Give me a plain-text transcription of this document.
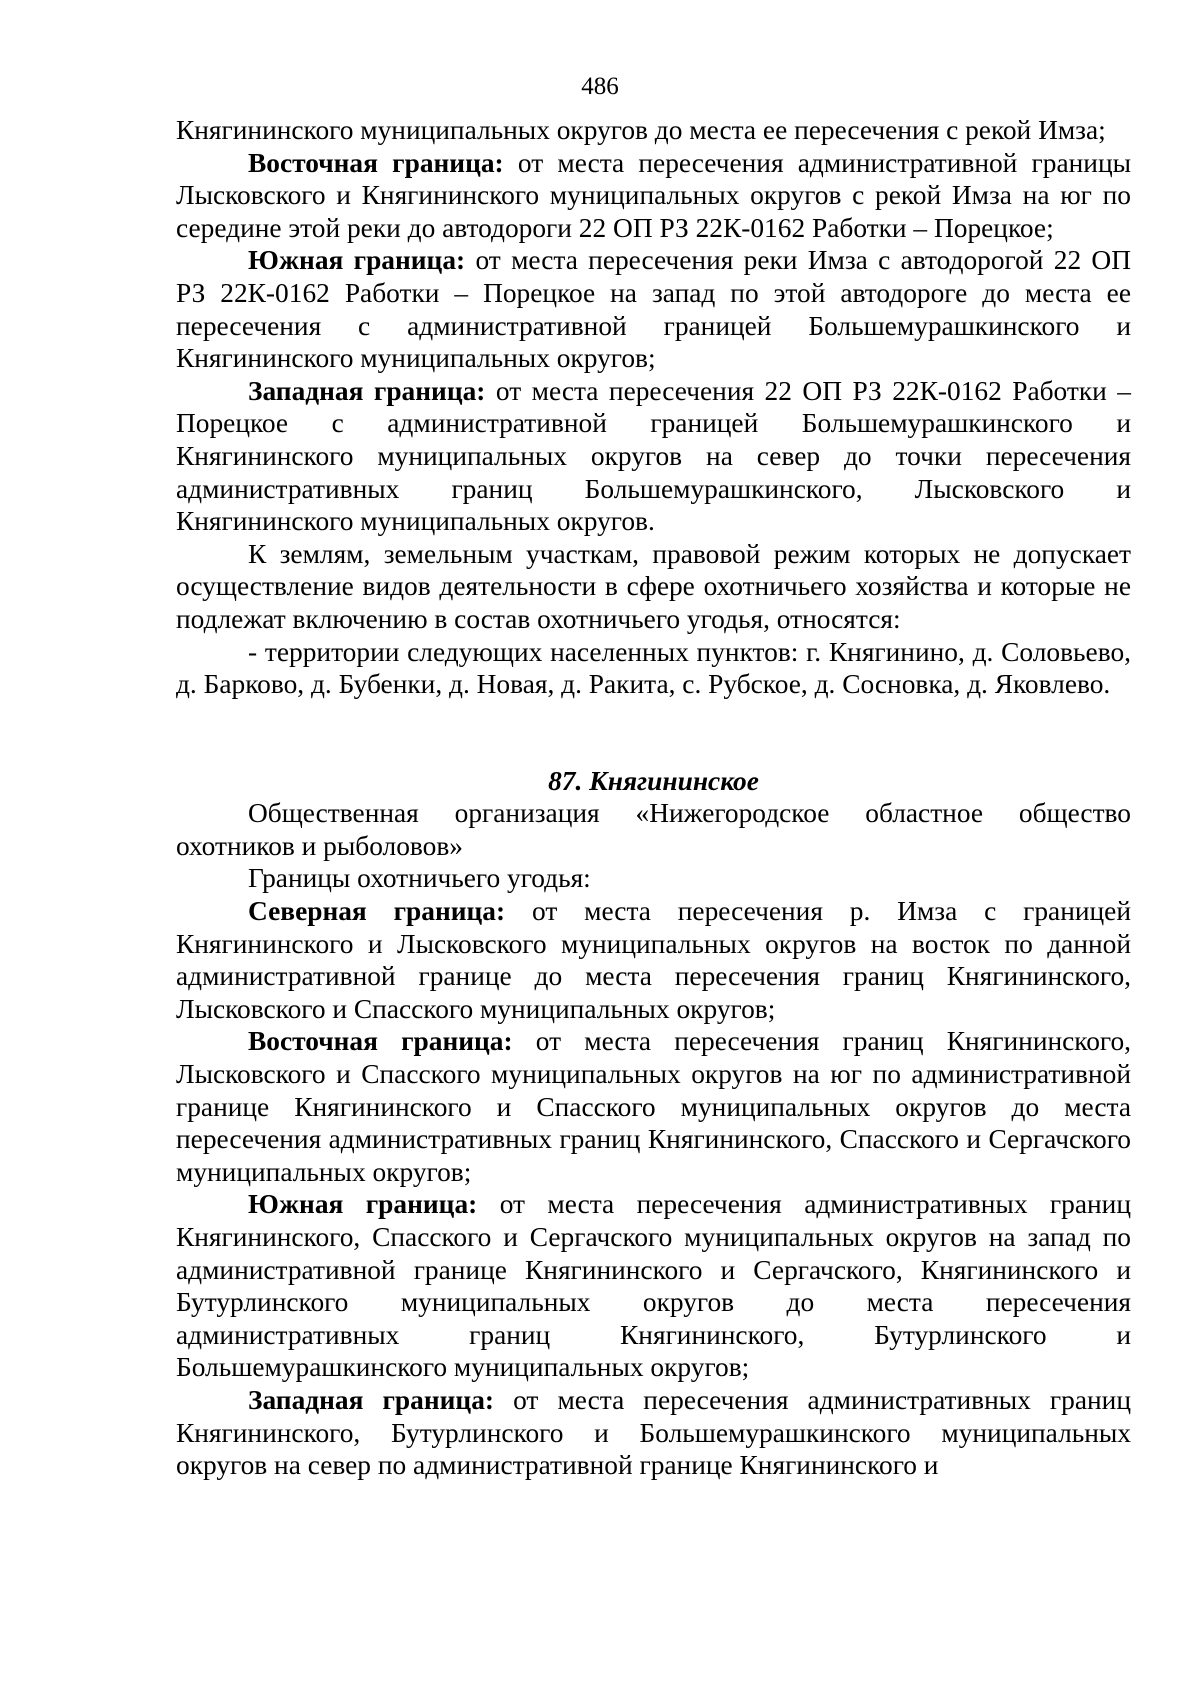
486

Княгининского муниципальных округов до места ее пересечения с рекой Имза;

Восточная граница: от места пересечения административной границы Лысковского и Княгининского муниципальных округов с рекой Имза на юг по середине этой реки до автодороги 22 ОП РЗ 22К-0162 Работки – Порецкое;

Южная граница: от места пересечения реки Имза с автодорогой 22 ОП РЗ 22К-0162 Работки – Порецкое на запад по этой автодороге до места ее пересечения с административной границей Большемурашкинского и Княгининского муниципальных округов;

Западная граница: от места пересечения 22 ОП РЗ 22К-0162 Работки – Порецкое с административной границей Большемурашкинского и Княгининского муниципальных округов на север до точки пересечения административных границ Большемурашкинского, Лысковского и Княгининского муниципальных округов.

К землям, земельным участкам, правовой режим которых не допускает осуществление видов деятельности в сфере охотничьего хозяйства и которые не подлежат включению в состав охотничьего угодья, относятся:

- территории следующих населенных пунктов: г. Княгинино, д. Соловьево, д. Барково, д. Бубенки, д. Новая, д. Ракита, с. Рубское, д. Сосновка, д. Яковлево.

87. Княгининское

Общественная организация «Нижегородское областное общество охотников и рыболовов»

Границы охотничьего угодья:

Северная граница: от места пересечения р. Имза с границей Княгининского и Лысковского муниципальных округов на восток по данной административной границе до места пересечения границ Княгининского, Лысковского и Спасского муниципальных округов;

Восточная граница: от места пересечения границ Княгининского, Лысковского и Спасского муниципальных округов на юг по административной границе Княгининского и Спасского муниципальных округов до места пересечения административных границ Княгининского, Спасского и Сергачского муниципальных округов;

Южная граница: от места пересечения административных границ Княгининского, Спасского и Сергачского муниципальных округов на запад по административной границе Княгининского и Сергачского, Княгининского и Бутурлинского муниципальных округов до места пересечения административных границ Княгининского, Бутурлинского и Большемурашкинского муниципальных округов;

Западная граница: от места пересечения административных границ Княгининского, Бутурлинского и Большемурашкинского муниципальных округов на север по административной границе Княгининского и
